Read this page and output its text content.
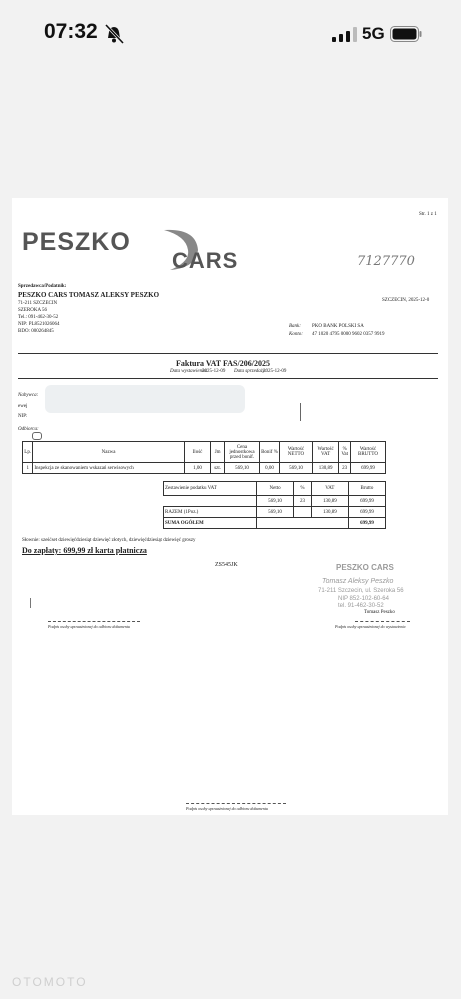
07:32	5G
Str. 1 z 1
PESZKO
CARS	7127770
Sprzedawca/Podatnik:
PESZKO CARS TOMASZ ALEKSY PESZKO
71-211 SZCZECIN
SZEROKA 56
Tel.: 091-462-30-52
NIP: PL8521026064
BDO: 000264845
SZCZECIN, 2025-12-0
Bank: PKO BANK POLSKI SA
Konto: 47 1020 4795 0000 9602 0357 9919
Faktura VAT FAS/206/2025
Data wystawienia:
2025-12-09 Data sprzedaży:
2025-12-09
Nabywca:
ewej
NIP:
Odbiorca:
Lp.	Nazwa	Ilość	Jm	Cena jednostkowa przed bonif.	Bonif %	Wartość NETTO	Wartość VAT	% Vat	Wartość BRUTTO
1	Inspekcja ze skanowaniem wskazań serwisowych	1,00	szt.	569,10	0,00	569,10	130,89	23	699,99
Zestawienie podatku VAT	Netto	%	VAT	Brutto
	569,10	23	130,89	699,99
RAZEM (1Poz.)	569,10		130,89	699,99
SUMA OGÓŁEM				699,99
Słownie: sześćset dziewięćdziesiąt dziewięć złotych, dziewięćdziesiąt dziewięć groszy
Do zapłaty: 699,99 zł karta płatnicza
ZS545JK	PESZKO CARS
Tomasz Aleksy Peszko
71-211 Szczecin, ul. Szeroka 56
NIP 852-102-60-64
tel. 91-462-30-52
Tomasz Peszko
Podpis osoby upoważnionej do odbioru dokumentu	Podpis osoby upoważnionej do wystawienia
Podpis osoby upoważnionej do odbioru dokumentu
OTOMOTO
